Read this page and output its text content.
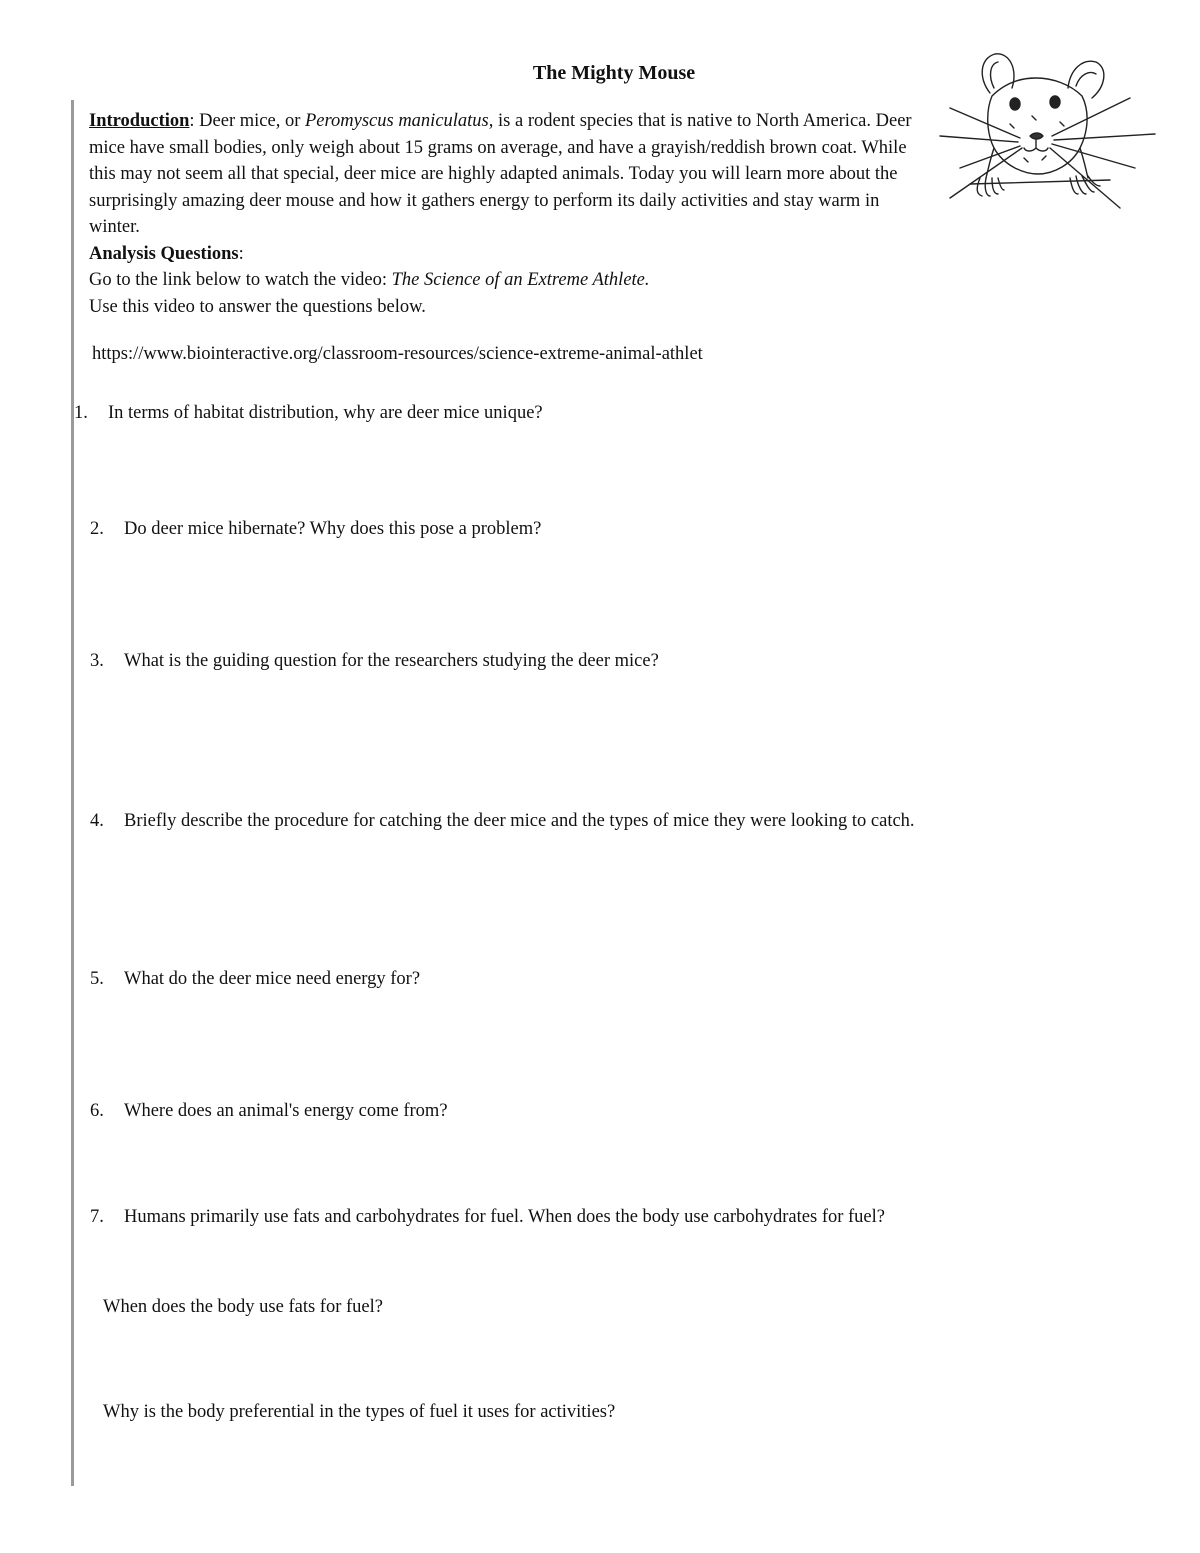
The Mighty Mouse

Introduction: Deer mice, or Peromyscus maniculatus, is a rodent species that is native to North America. Deer mice have small bodies, only weigh about 15 grams on average, and have a grayish/reddish brown coat. While this may not seem all that special, deer mice are highly adapted animals. Today you will learn more about the surprisingly amazing deer mouse and how it gathers energy to perform its daily activities and stay warm in winter.

Analysis Questions:

Go to the link below to watch the video: The Science of an Extreme Athlete.

Use this video to answer the questions below.

https://www.biointeractive.org/classroom-resources/science-extreme-animal-athlet
1. In terms of habitat distribution, why are deer mice unique?
2. Do deer mice hibernate? Why does this pose a problem?
3. What is the guiding question for the researchers studying the deer mice?
4. Briefly describe the procedure for catching the deer mice and the types of mice they were looking to catch.
5. What do the deer mice need energy for?
6. Where does an animal's energy come from?
7. Humans primarily use fats and carbohydrates for fuel. When does the body use carbohydrates for fuel?
When does the body use fats for fuel?
Why is the body preferential in the types of fuel it uses for activities?
